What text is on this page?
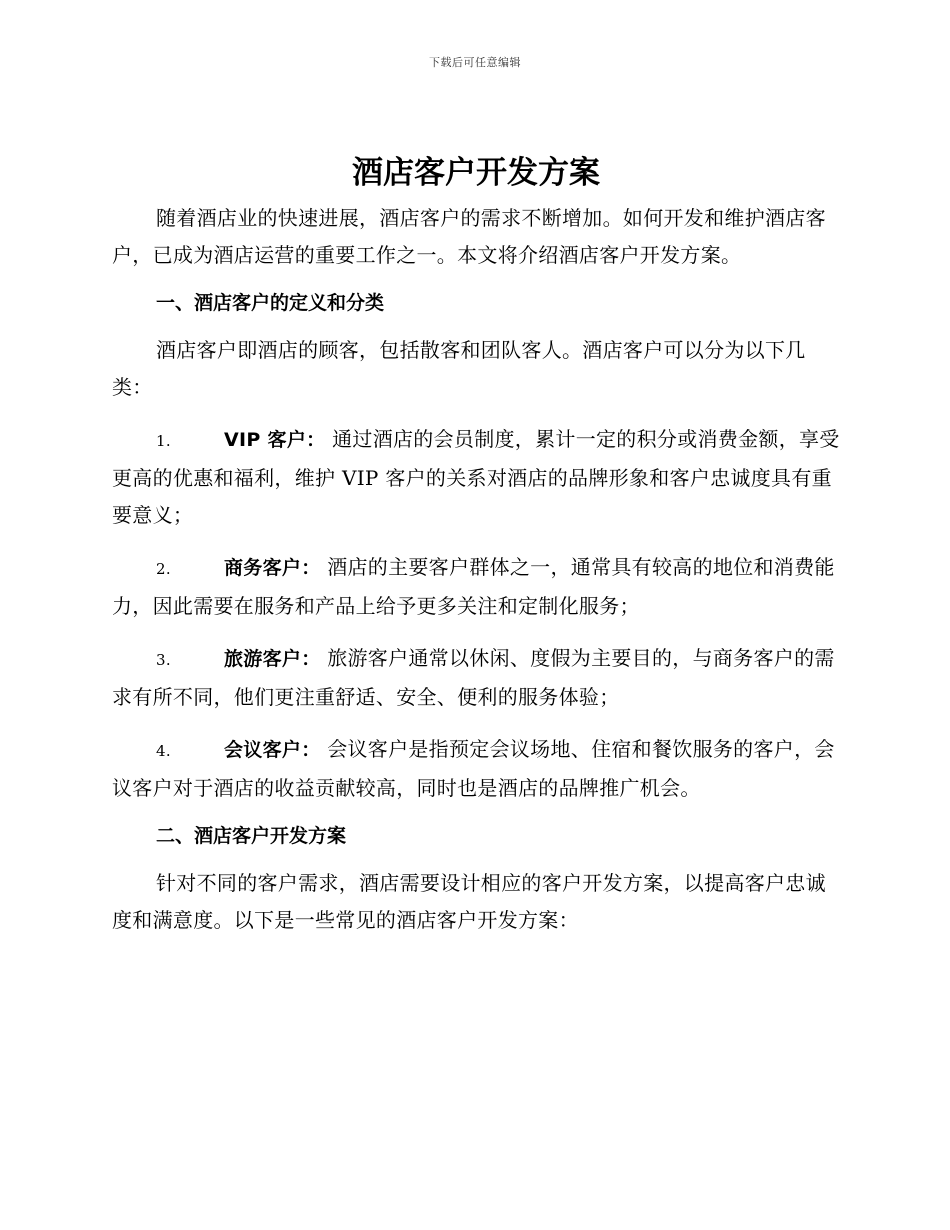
下载后可任意编辑
酒店客户开发方案

随着酒店业的快速进展，酒店客户的需求不断增加。如何开发和维护酒店客户，已成为酒店运营的重要工作之一。本文将介绍酒店客户开发方案。

一、酒店客户的定义和分类

酒店客户即酒店的顾客，包括散客和团队客人。酒店客户可以分为以下几类：

1.	VIP 客户： 通过酒店的会员制度，累计一定的积分或消费金额，享受更高的优惠和福利，维护 VIP 客户的关系对酒店的品牌形象和客户忠诚度具有重要意义；
2.	商务客户： 酒店的主要客户群体之一，通常具有较高的地位和消费能力，因此需要在服务和产品上给予更多关注和定制化服务；
3.	旅游客户： 旅游客户通常以休闲、度假为主要目的，与商务客户的需求有所不同，他们更注重舒适、安全、便利的服务体验；
4.	会议客户： 会议客户是指预定会议场地、住宿和餐饮服务的客户，会议客户对于酒店的收益贡献较高，同时也是酒店的品牌推广机会。
二、酒店客户开发方案

针对不同的客户需求，酒店需要设计相应的客户开发方案，以提高客户忠诚度和满意度。以下是一些常见的酒店客户开发方案：
